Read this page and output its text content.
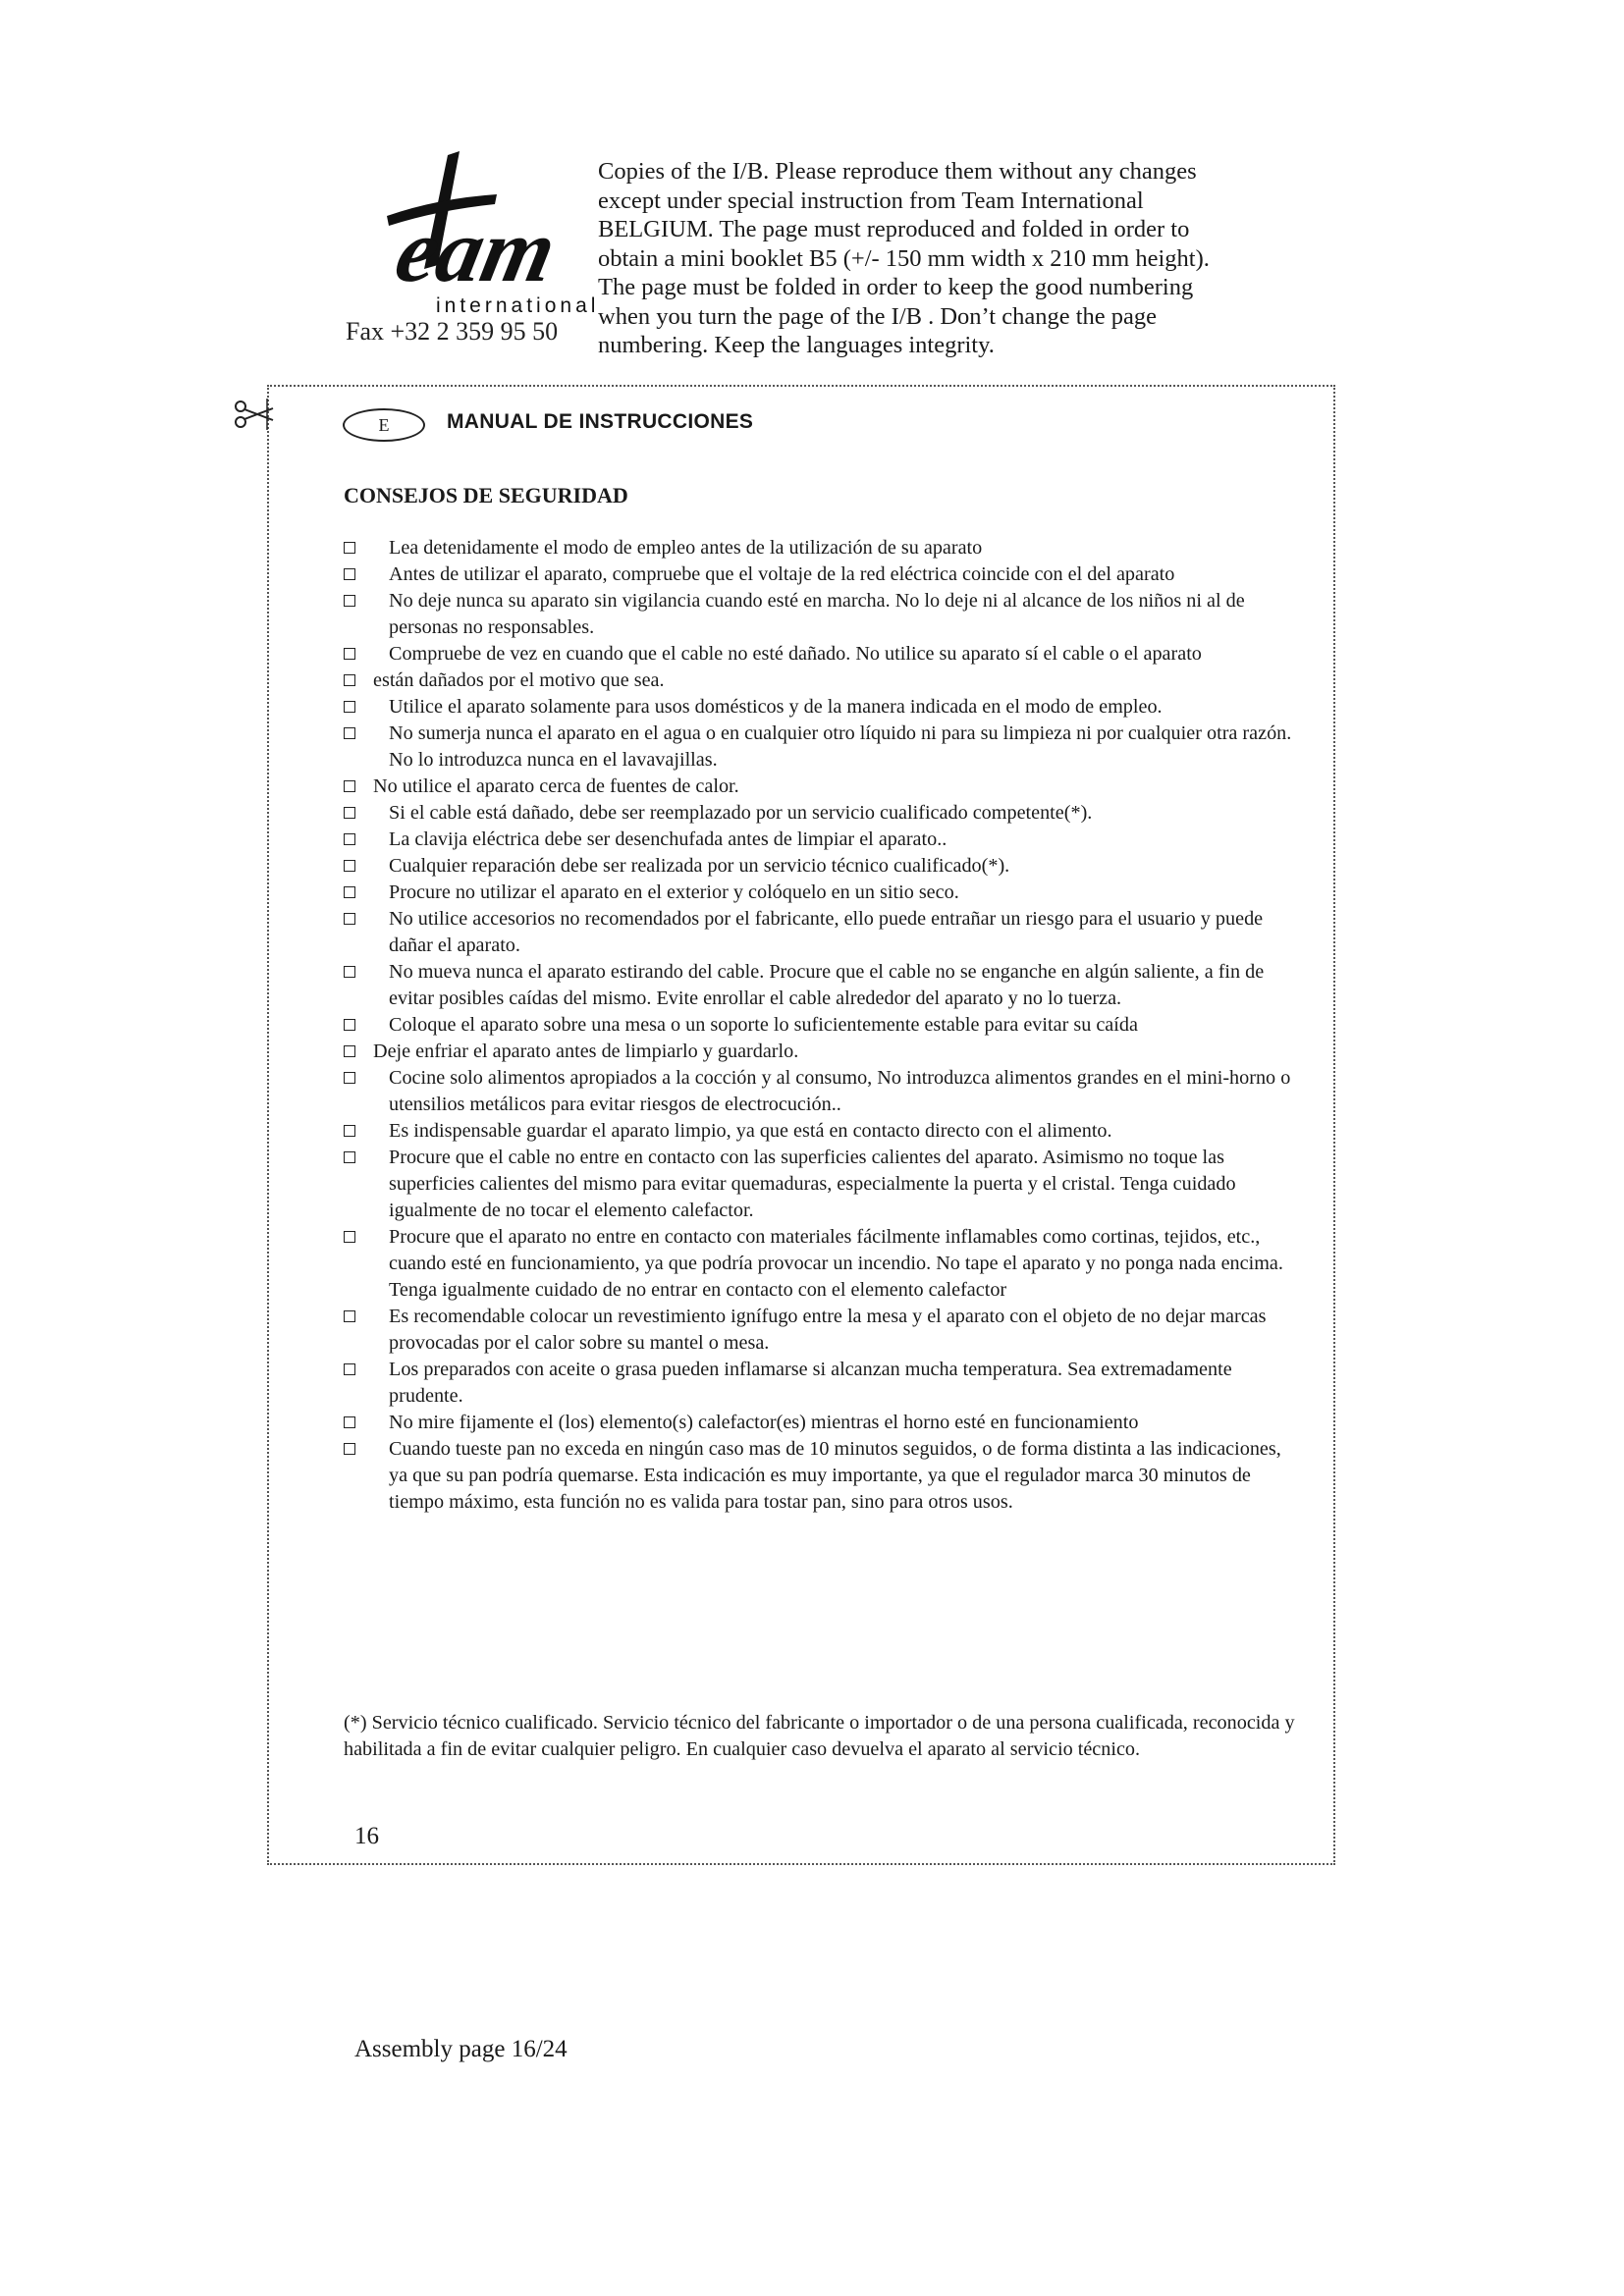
eam
international
Fax +32 2 359 95 50
Copies of the I/B. Please reproduce them without any changes
except under special instruction from Team International
BELGIUM. The page must reproduced and folded in order to
obtain a mini booklet B5 (+/- 150 mm width x 210 mm height).
The page must be folded in order to keep the good numbering
when you turn the page of the I/B . Don’t change the page
numbering. Keep the languages integrity.
E	MANUAL DE INSTRUCCIONES
CONSEJOS DE SEGURIDAD
Lea detenidamente el modo de empleo antes de la utilización de su aparato
Antes de utilizar el aparato, compruebe que el voltaje de la red eléctrica coincide con el del aparato
No deje nunca su aparato sin vigilancia cuando esté en marcha. No lo deje ni al alcance de los niños ni al de personas no responsables.
Compruebe de vez en cuando que el cable no esté dañado. No utilice su aparato sí el cable o el aparato
están dañados por el motivo que sea.
Utilice el aparato solamente para usos domésticos y de la manera indicada en el modo de empleo.
No sumerja nunca el aparato en el agua o en cualquier otro líquido ni para su limpieza ni por cualquier otra razón. No lo introduzca nunca en el lavavajillas.
No utilice el aparato cerca de fuentes de calor.
Si el cable está dañado, debe ser reemplazado por un servicio cualificado competente(*).
La clavija eléctrica debe ser desenchufada antes de limpiar el aparato..
Cualquier reparación debe ser realizada por un servicio técnico cualificado(*).
Procure no utilizar el aparato en el exterior y colóquelo en un sitio seco.
No utilice accesorios no recomendados por el fabricante, ello puede entrañar un riesgo para el usuario y puede dañar el aparato.
No mueva nunca el aparato estirando del cable. Procure que el cable no se enganche en algún saliente, a fin de evitar posibles caídas del mismo. Evite enrollar el cable alrededor del aparato y no lo tuerza.
Coloque el aparato sobre una mesa o un soporte lo suficientemente estable para evitar su caída
Deje enfriar el aparato antes de limpiarlo y guardarlo.
Cocine solo alimentos apropiados a la cocción y al consumo, No introduzca alimentos grandes en el mini-horno o utensilios metálicos para evitar riesgos de electrocución..
Es indispensable guardar el aparato limpio, ya que está en contacto directo con el alimento.
Procure que el cable no entre en contacto con las superficies calientes del aparato. Asimismo no toque las superficies calientes del mismo para evitar quemaduras, especialmente la puerta y el cristal. Tenga cuidado igualmente de no tocar el elemento calefactor.
Procure que el aparato no entre en contacto con materiales fácilmente inflamables como cortinas, tejidos, etc., cuando esté en funcionamiento, ya que podría provocar un incendio. No tape el aparato y no ponga nada encima. Tenga igualmente cuidado de no entrar en contacto con el elemento calefactor
Es recomendable colocar un revestimiento ignífugo entre la mesa y el aparato con el objeto de no dejar marcas provocadas por el calor sobre su mantel o mesa.
Los preparados con aceite o grasa pueden inflamarse si alcanzan mucha temperatura. Sea extremadamente prudente.
No mire fijamente el (los) elemento(s) calefactor(es) mientras el horno esté en funcionamiento
Cuando tueste pan no exceda en ningún caso mas de 10 minutos seguidos, o de forma distinta a las indicaciones, ya que su pan podría quemarse. Esta indicación es muy importante, ya que el regulador marca 30 minutos de tiempo máximo, esta función no es valida para tostar pan, sino para otros usos.
(*) Servicio técnico cualificado. Servicio técnico del fabricante o importador o de una persona cualificada, reconocida y habilitada a fin de evitar cualquier peligro. En cualquier caso devuelva el aparato al servicio técnico.
16
Assembly page 16/24
